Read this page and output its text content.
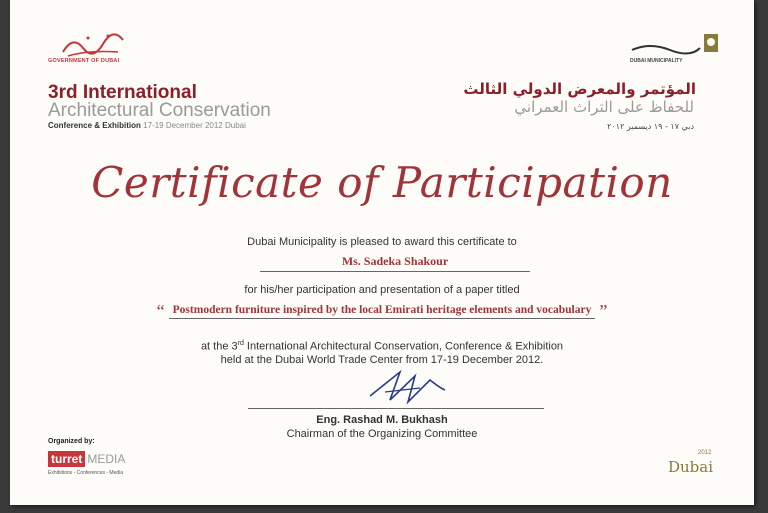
GOVERNMENT OF DUBAI	DUBAI MUNICIPALITY
3rd International
Architectural Conservation
Conference & Exhibition 17-19 December 2012 Dubai
المؤتمر والمعرض الدولي الثالث
للحفاظ على التراث العمراني
دبي ١٧ - ١٩ ديسمبر ٢٠١٢
Certificate of Participation
Dubai Municipality is pleased to award this certificate to
Ms. Sadeka Shakour
for his/her participation and presentation of a paper titled
“ Postmodern furniture inspired by the local Emirati heritage elements and vocabulary ”
at the 3rd International Architectural Conservation, Conference & Exhibition
held at the Dubai World Trade Center from 17-19 December 2012.
Eng. Rashad M. Bukhash
Chairman of the Organizing Committee
Organized by:
turret MEDIA
Exhibitions - Conferences - Media
2012
Dubai
